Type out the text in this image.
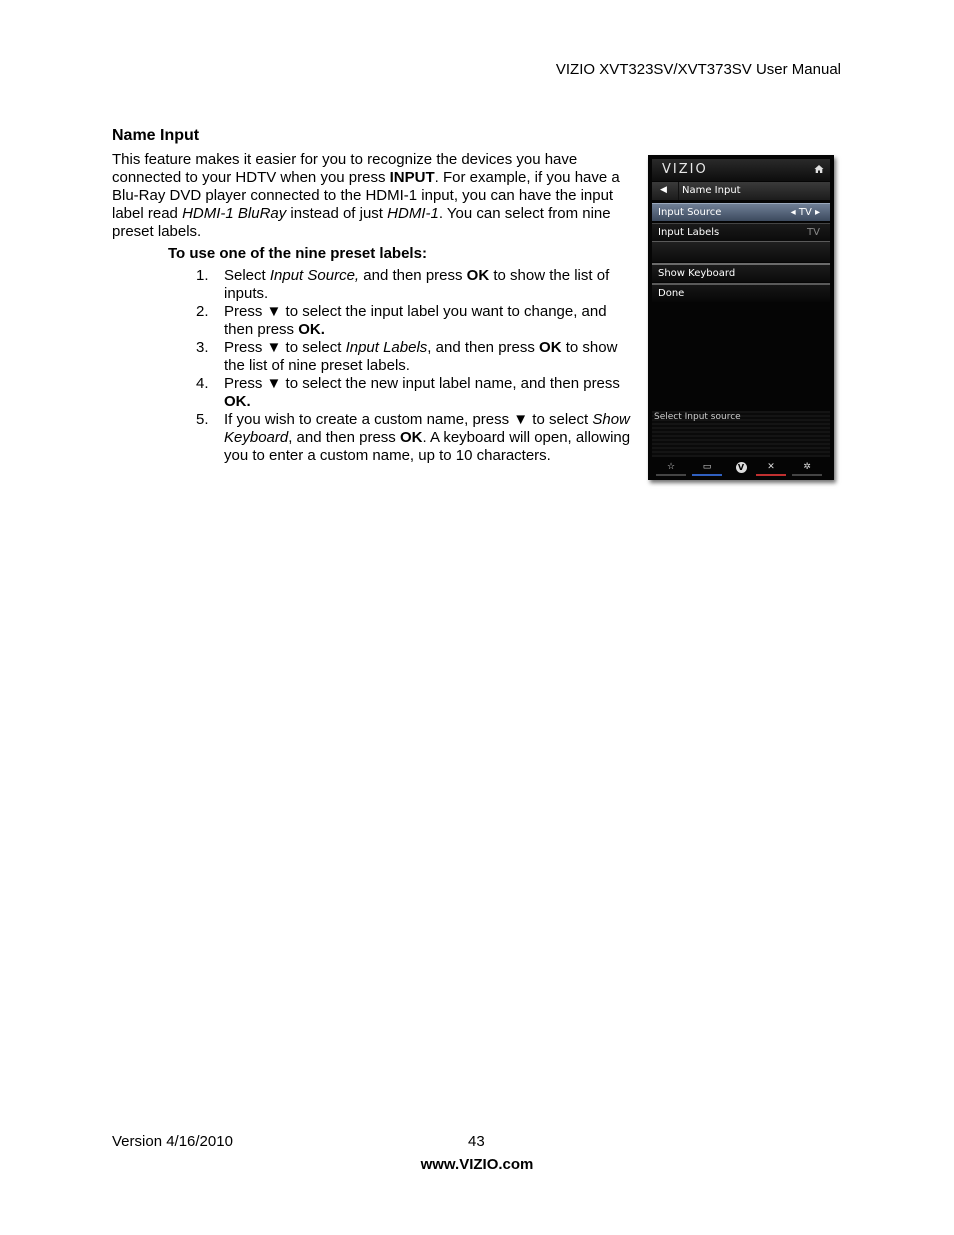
VIZIO XVT323SV/XVT373SV User Manual
Name Input
This feature makes it easier for you to recognize the devices you have connected to your HDTV when you press INPUT. For example, if you have a Blu-Ray DVD player connected to the HDMI-1 input, you can have the input label read HDMI-1 BluRay instead of just HDMI-1. You can select from nine preset labels.
To use one of the nine preset labels:
1. Select Input Source, and then press OK to show the list of inputs.
2. Press ▼ to select the input label you want to change, and then press OK.
3. Press ▼ to select Input Labels, and then press OK to show the list of nine preset labels.
4. Press ▼ to select the new input label name, and then press OK.
5. If you wish to create a custom name, press ▼ to select Show Keyboard, and then press OK. A keyboard will open, allowing you to enter a custom name, up to 10 characters.
VIZIO
◀ Name Input
Input Source	◂ TV ▸
Input Labels	TV
Show Keyboard
Done
Select Input source
☆	▭	V	✕	✲
Version 4/16/2010	43
www.VIZIO.com
